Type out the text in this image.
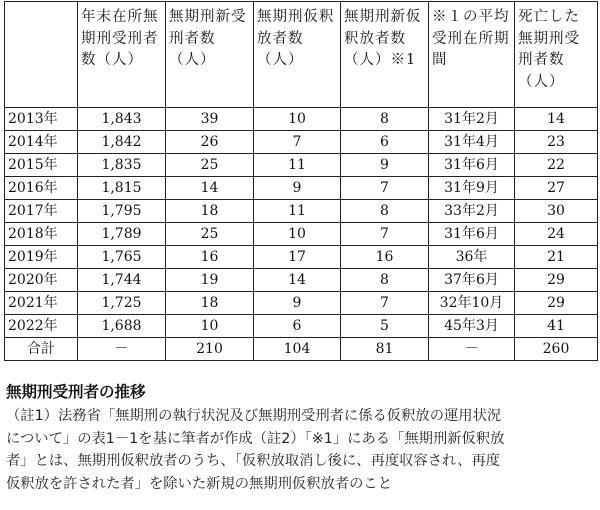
	年末在所無期刑受刑者数（人）	無期刑新受刑者数（人）	無期刑仮釈放者数（人）	無期刑新仮釈放者数（人）※1	※１の平均受刑在所期間	死亡した無期刑受刑者数（人）
2013年	1,843	39	10	8	31年2月	14
2014年	1,842	26	7	6	31年4月	23
2015年	1,835	25	11	9	31年6月	22
2016年	1,815	14	9	7	31年9月	27
2017年	1,795	18	11	8	33年2月	30
2018年	1,789	25	10	7	31年6月	24
2019年	1,765	16	17	16	36年	21
2020年	1,744	19	14	8	37年6月	29
2021年	1,725	18	9	7	32年10月	29
2022年	1,688	10	6	5	45年3月	41
合計	－	210	104	81	－	260
無期刑受刑者の推移

（註1）法務省「無期刑の執行状況及び無期刑受刑者に係る仮釈放の運用状況

について」の表1－1を基に筆者が作成（註2）「※1」にある「無期刑新仮釈放

者」とは、無期刑仮釈放者のうち、「仮釈放取消し後に、再度収容され、再度

仮釈放を許された者」を除いた新規の無期刑仮釈放者のこと
